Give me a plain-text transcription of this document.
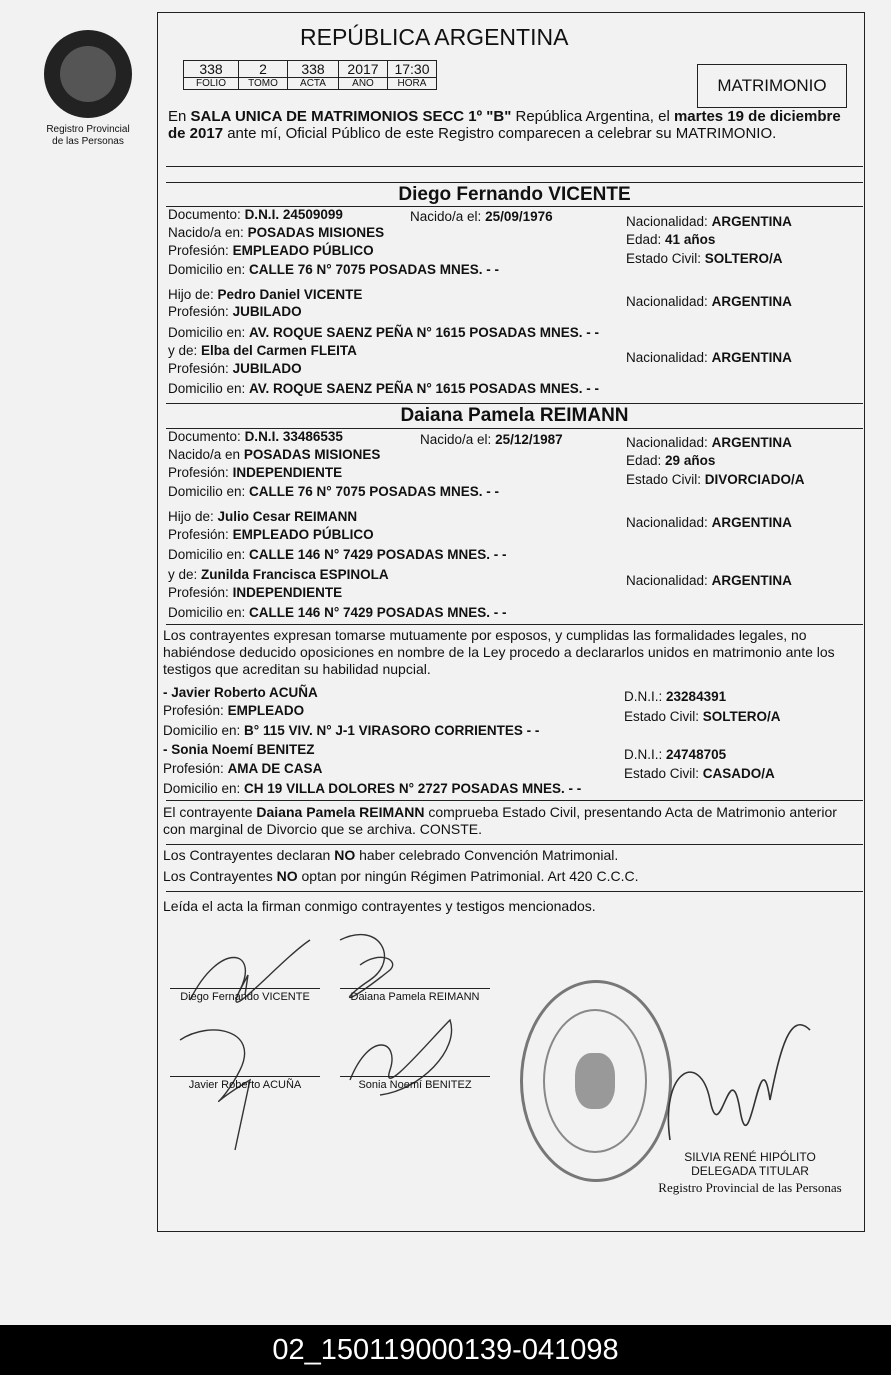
Registro Provincial
de las Personas
REPÚBLICA ARGENTINA
338	2	338	2017	17:30
FOLIO	TOMO	ACTA	AÑO	HORA	MATRIMONIO
En SALA UNICA DE MATRIMONIOS SECC 1º "B" República Argentina, el martes 19 de diciembre de 2017 ante mí, Oficial Público de este Registro comparecen a celebrar su MATRIMONIO.
Diego Fernando VICENTE
Documento: D.N.I. 24509099	Nacido/a el: 25/09/1976	Nacionalidad: ARGENTINA
Edad: 41 años
Estado Civil: SOLTERO/A
Nacido/a en: POSADAS MISIONES
Profesión: EMPLEADO PÚBLICO
Domicilio en: CALLE 76 N° 7075 POSADAS MNES. - -
Hijo de: Pedro Daniel VICENTE	Nacionalidad: ARGENTINA
Profesión: JUBILADO
Domicilio en: AV. ROQUE SAENZ PEÑA N° 1615 POSADAS MNES. - -
y de: Elba del Carmen FLEITA	Nacionalidad: ARGENTINA
Profesión: JUBILADO
Domicilio en: AV. ROQUE SAENZ PEÑA N° 1615 POSADAS MNES. - -
Daiana Pamela REIMANN
Documento: D.N.I. 33486535	Nacido/a el: 25/12/1987	Nacionalidad: ARGENTINA
Edad: 29 años
Estado Civil: DIVORCIADO/A
Nacido/a en POSADAS MISIONES
Profesión: INDEPENDIENTE
Domicilio en: CALLE 76 N° 7075 POSADAS MNES. - -
Hijo de: Julio Cesar REIMANN	Nacionalidad: ARGENTINA
Profesión: EMPLEADO PÚBLICO
Domicilio en: CALLE 146 N° 7429 POSADAS MNES. - -
y de: Zunilda Francisca ESPINOLA	Nacionalidad: ARGENTINA
Profesión: INDEPENDIENTE
Domicilio en: CALLE 146 N° 7429 POSADAS MNES. - -
Los contrayentes expresan tomarse mutuamente por esposos, y cumplidas las formalidades legales, no habiéndose deducido oposiciones en nombre de la Ley procedo a declararlos unidos en matrimonio ante los testigos que acreditan su habilidad nupcial.
- Javier Roberto ACUÑA	D.N.I.: 23284391
Profesión: EMPLEADO	Estado Civil: SOLTERO/A
Domicilio en: B° 115 VIV. N° J-1 VIRASORO CORRIENTES - -
- Sonia Noemí BENITEZ	D.N.I.: 24748705
Profesión: AMA DE CASA	Estado Civil: CASADO/A
Domicilio en: CH 19 VILLA DOLORES N° 2727 POSADAS MNES. - -
El contrayente Daiana Pamela REIMANN comprueba Estado Civil, presentando Acta de Matrimonio anterior con marginal de Divorcio que se archiva. CONSTE.
Los Contrayentes declaran NO haber celebrado Convención Matrimonial.
Los Contrayentes NO optan por ningún Régimen Patrimonial. Art 420 C.C.C.
Leída el acta la firman conmigo contrayentes y testigos mencionados.
Diego Fernando VICENTE	Daiana Pamela REIMANN
Javier Roberto ACUÑA	Sonia Noemí BENITEZ
SILVIA RENÉ HIPÓLITO
DELEGADA TITULAR
Registro Provincial de las Personas
02_150119000139-041098
